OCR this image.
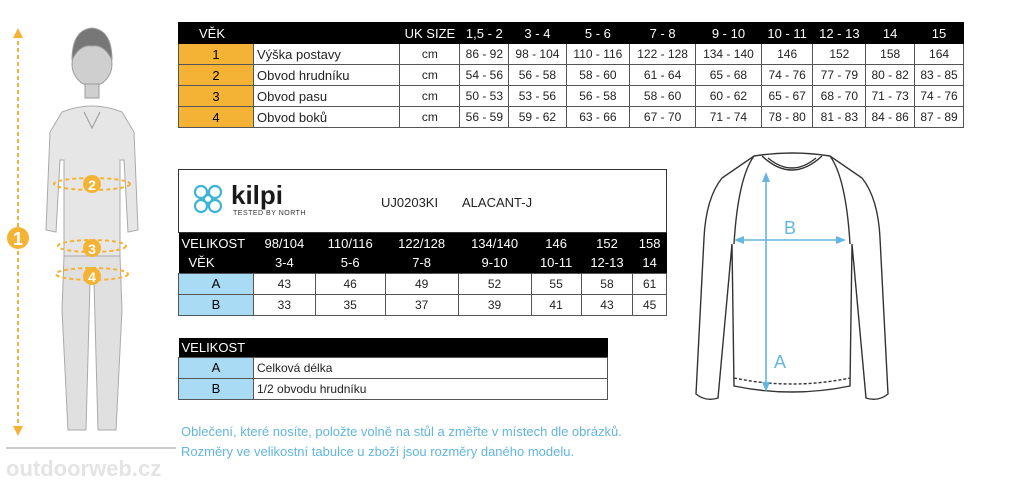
1
2
3
4
VĚK		UK SIZE	1,5 - 2	3 - 4	5 - 6	7 - 8	9 - 10	10 - 11	12 - 13	14	15
1	Výška postavy	cm	86 - 92	98 - 104	110 - 116	122 - 128	134 - 140	146	152	158	164
2	Obvod hrudníku	cm	54 - 56	56 - 58	58 - 60	61 - 64	65 - 68	74 - 76	77 - 79	80 - 82	83 - 85
3	Obvod pasu	cm	50 - 53	53 - 56	56 - 58	58 - 60	60 - 62	65 - 67	68 - 70	71 - 73	74 - 76
4	Obvod boků	cm	56 - 59	59 - 62	63 - 66	67 - 70	71 - 74	78 - 80	81 - 83	84 - 86	87 - 89
kilpi
TESTED BY NORTH
UJ0203KI ALACANT-J
VELIKOST	98/104	110/116	122/128	134/140	146	152	158
VĚK	3-4	5-6	7-8	9-10	10-11	12-13	14
A	43	46	49	52	55	58	61
B	33	35	37	39	41	43	45
VELIKOST	
A	Celková délka
B	1/2 obvodu hrudníku
A
B
Oblečení, které nosíte, položte volně na stůl a změřte v místech dle obrázků.
Rozměry ve velikostní tabulce u zboží jsou rozměry daného modelu.
outdoorweb.cz
